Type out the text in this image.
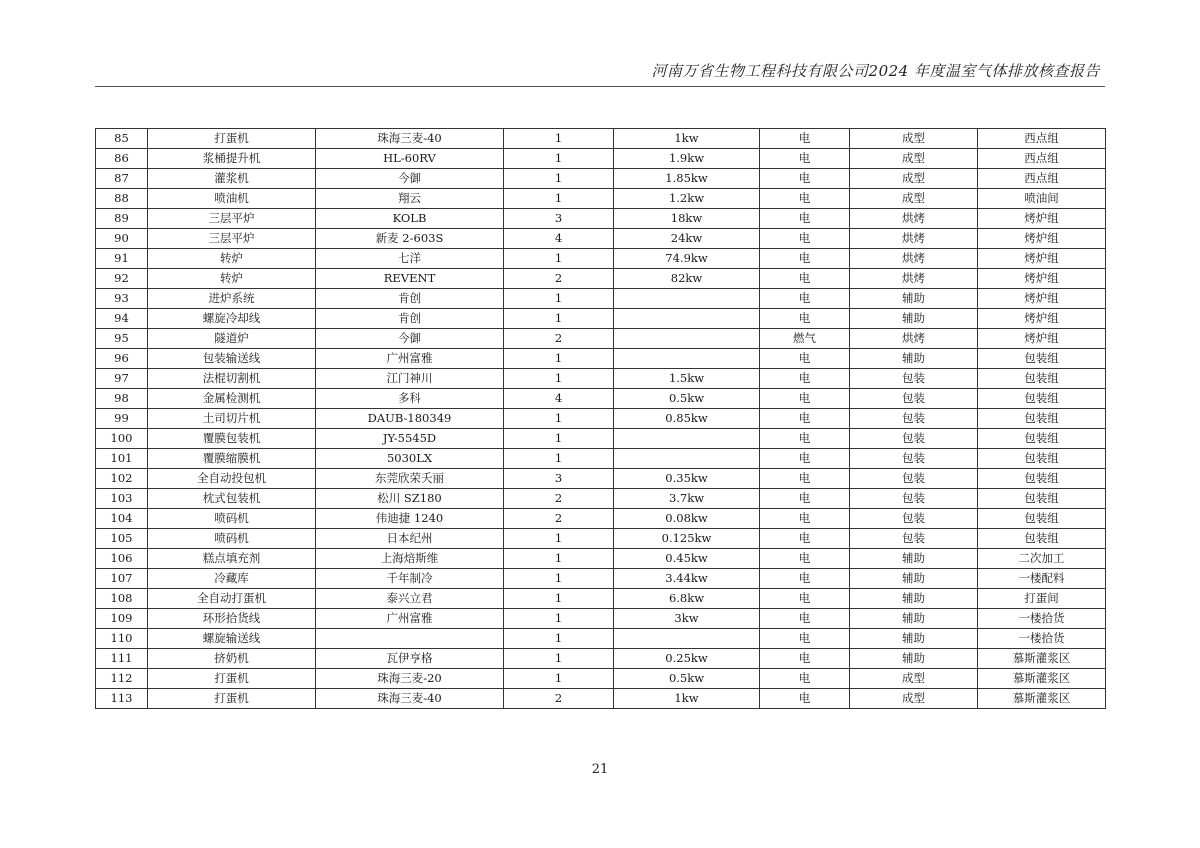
河南万省生物工程科技有限公司2024 年度温室气体排放核查报告
85	打蛋机	珠海三麦-40	1	1kw	电	成型	西点组
86	浆桶提升机	HL-60RV	1	1.9kw	电	成型	西点组
87	灌浆机	今御	1	1.85kw	电	成型	西点组
88	喷油机	翔云	1	1.2kw	电	成型	喷油间
89	三层平炉	KOLB	3	18kw	电	烘烤	烤炉组
90	三层平炉	新麦 2-603S	4	24kw	电	烘烤	烤炉组
91	转炉	七洋	1	74.9kw	电	烘烤	烤炉组
92	转炉	REVENT	2	82kw	电	烘烤	烤炉组
93	进炉系统	肯创	1		电	辅助	烤炉组
94	螺旋冷却线	肯创	1		电	辅助	烤炉组
95	隧道炉	今御	2		燃气	烘烤	烤炉组
96	包装输送线	广州富雅	1		电	辅助	包装组
97	法棍切割机	江门神川	1	1.5kw	电	包装	包装组
98	金属检测机	多科	4	0.5kw	电	包装	包装组
99	土司切片机	DAUB-180349	1	0.85kw	电	包装	包装组
100	覆膜包装机	JY-5545D	1		电	包装	包装组
101	覆膜缩膜机	5030LX	1		电	包装	包装组
102	全自动投包机	东莞欣荣夭丽	3	0.35kw	电	包装	包装组
103	枕式包装机	松川 SZ180	2	3.7kw	电	包装	包装组
104	喷码机	伟迪捷 1240	2	0.08kw	电	包装	包装组
105	喷码机	日本纪州	1	0.125kw	电	包装	包装组
106	糕点填充剂	上海焙斯维	1	0.45kw	电	辅助	二次加工
107	冷藏库	千年制冷	1	3.44kw	电	辅助	一楼配料
108	全自动打蛋机	泰兴立君	1	6.8kw	电	辅助	打蛋间
109	环形拾货线	广州富雅	1	3kw	电	辅助	一楼拾货
110	螺旋输送线		1		电	辅助	一楼拾货
111	挤奶机	瓦伊亨格	1	0.25kw	电	辅助	慕斯灌浆区
112	打蛋机	珠海三麦-20	1	0.5kw	电	成型	慕斯灌浆区
113	打蛋机	珠海三麦-40	2	1kw	电	成型	慕斯灌浆区
21
